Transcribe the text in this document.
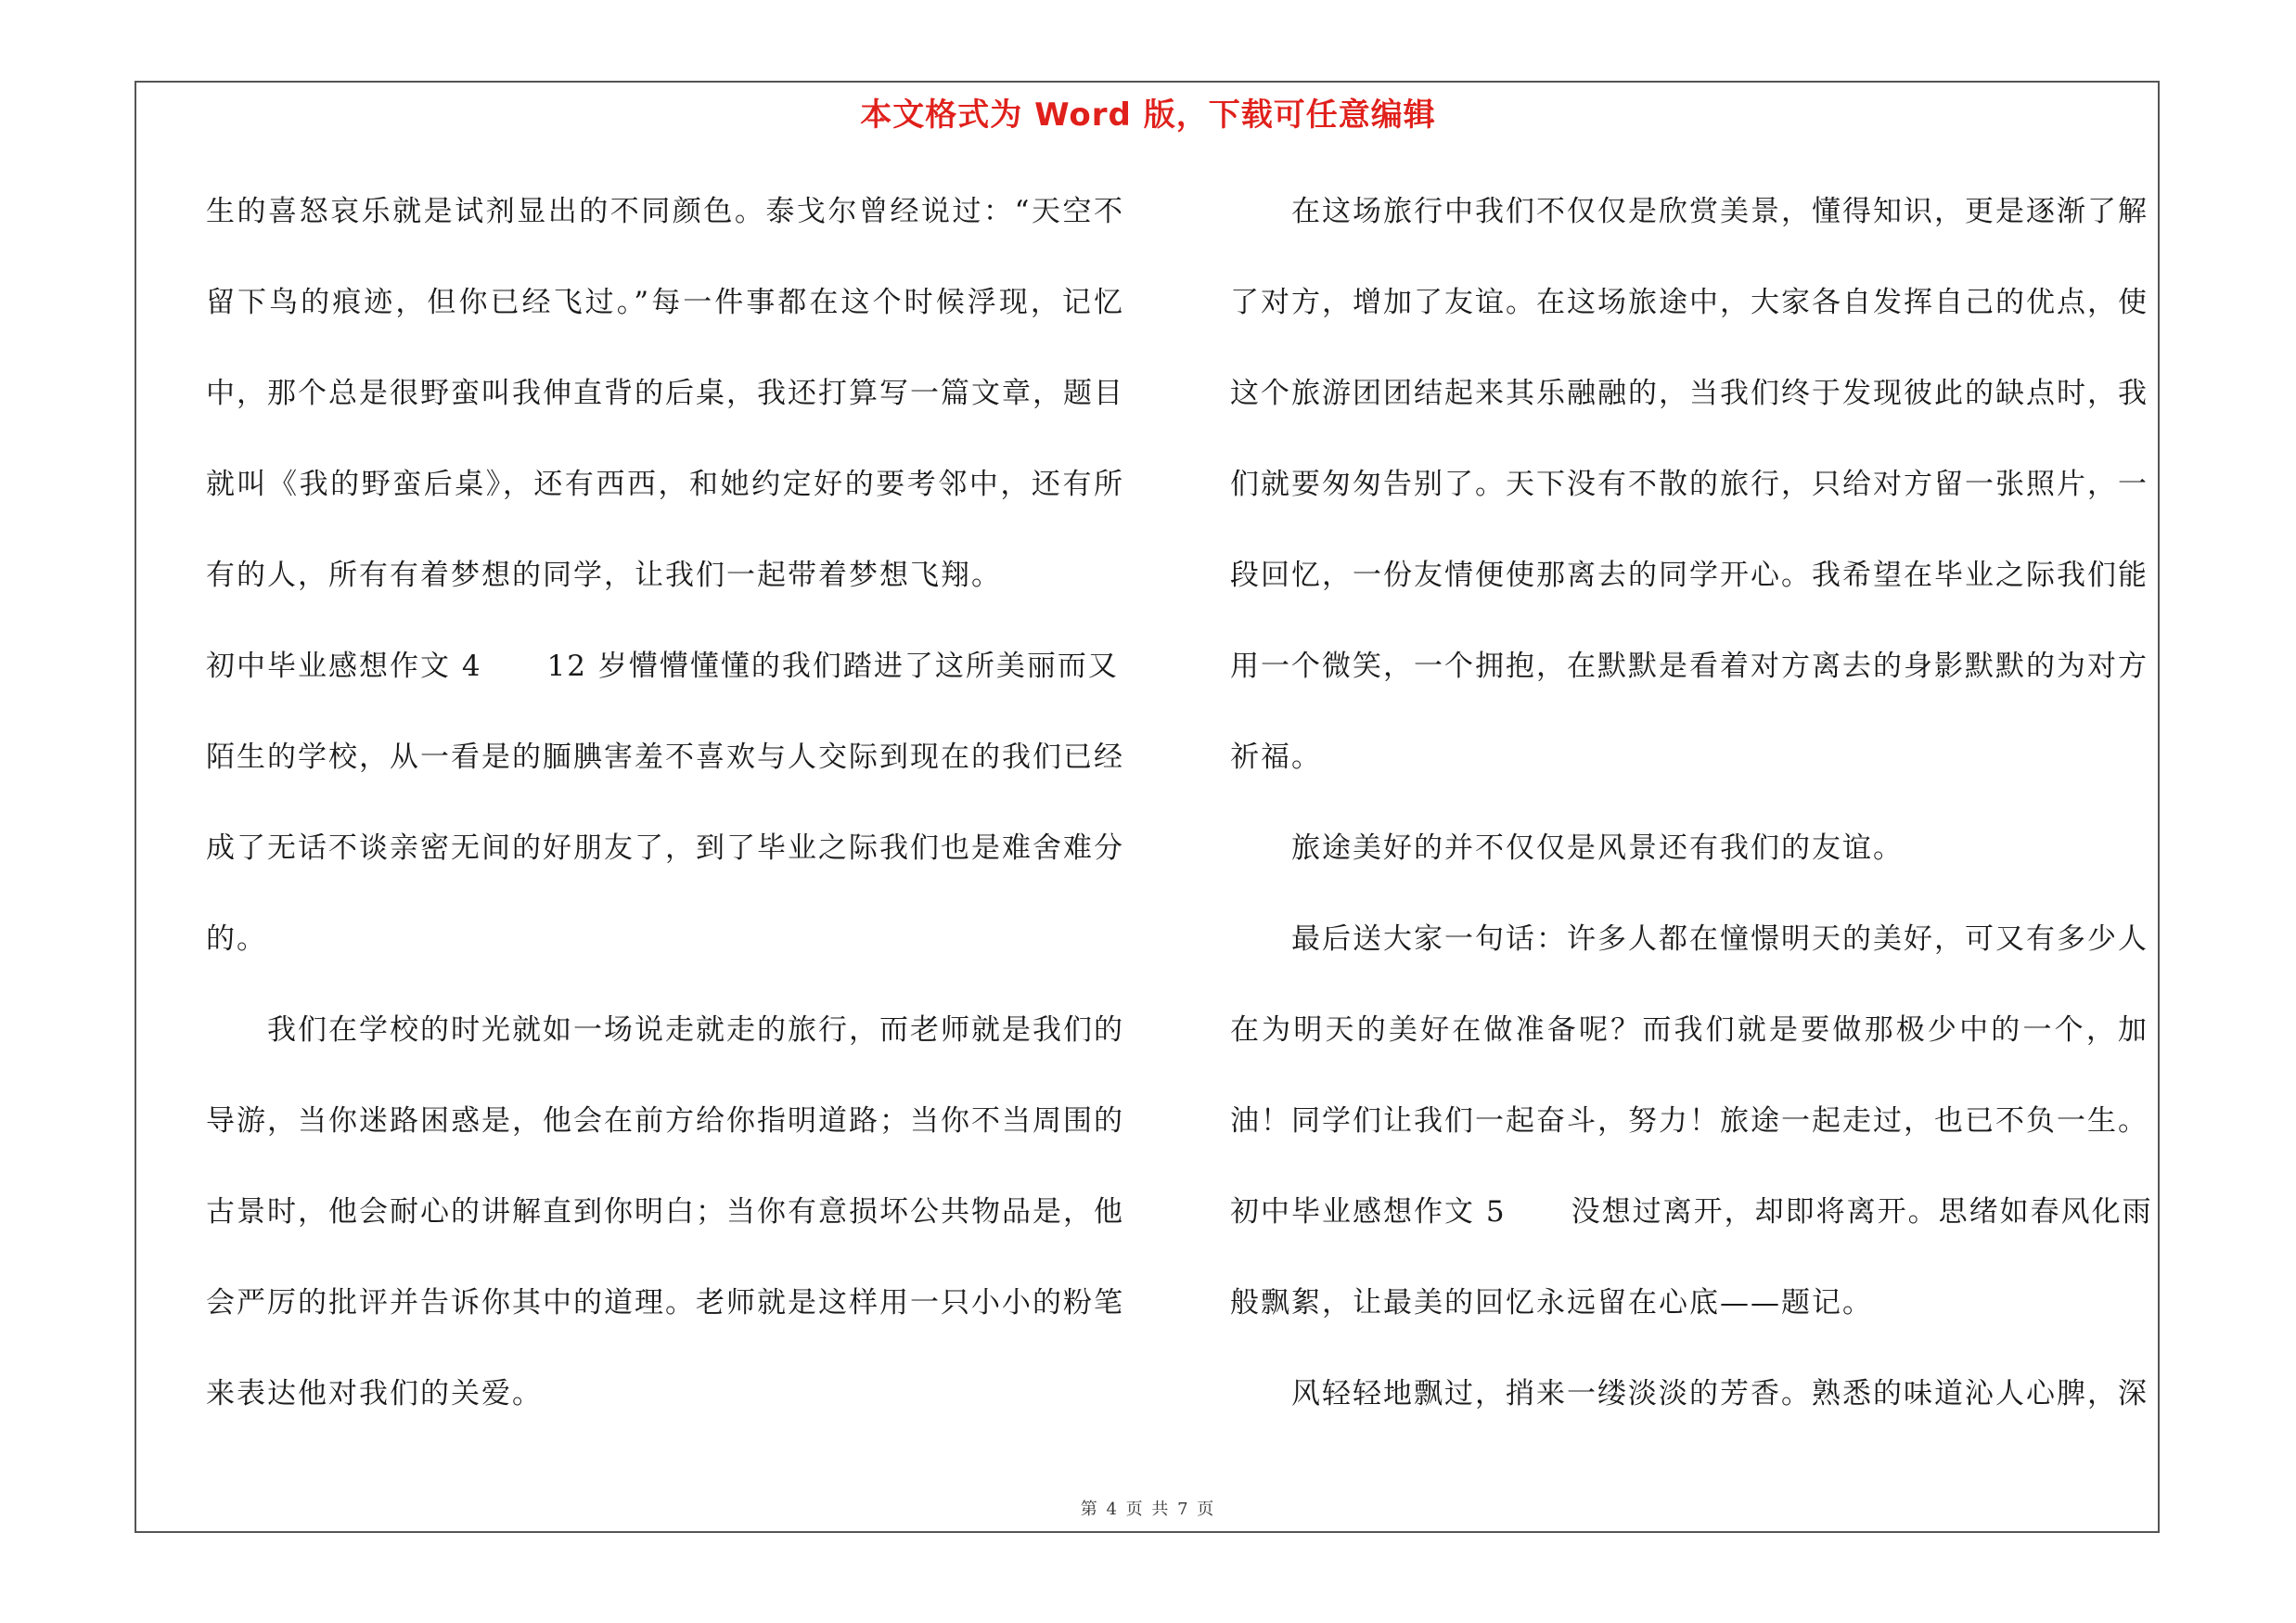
本文格式为 Word 版，下载可任意编辑
生的喜怒哀乐就是试剂显出的不同颜色。泰戈尔曾经说过：“天空不
留下鸟的痕迹，但你已经飞过。”每一件事都在这个时候浮现，记忆
中，那个总是很野蛮叫我伸直背的后桌，我还打算写一篇文章，题目
就叫《我的野蛮后桌》，还有西西，和她约定好的要考邻中，还有所
有的人，所有有着梦想的同学，让我们一起带着梦想飞翔。
初中毕业感想作文 4 12 岁懵懵懂懂的我们踏进了这所美丽而又
陌生的学校，从一看是的腼腆害羞不喜欢与人交际到现在的我们已经
成了无话不谈亲密无间的好朋友了，到了毕业之际我们也是难舍难分
的。
我们在学校的时光就如一场说走就走的旅行，而老师就是我们的
导游，当你迷路困惑是，他会在前方给你指明道路；当你不当周围的
古景时，他会耐心的讲解直到你明白；当你有意损坏公共物品是，他
会严厉的批评并告诉你其中的道理。老师就是这样用一只小小的粉笔
来表达他对我们的关爱。
在这场旅行中我们不仅仅是欣赏美景，懂得知识，更是逐渐了解
了对方，增加了友谊。在这场旅途中，大家各自发挥自己的优点，使
这个旅游团团结起来其乐融融的，当我们终于发现彼此的缺点时，我
们就要匆匆告别了。天下没有不散的旅行，只给对方留一张照片，一
段回忆，一份友情便使那离去的同学开心。我希望在毕业之际我们能
用一个微笑，一个拥抱，在默默是看着对方离去的身影默默的为对方
祈福。
旅途美好的并不仅仅是风景还有我们的友谊。
最后送大家一句话：许多人都在憧憬明天的美好，可又有多少人
在为明天的美好在做准备呢？而我们就是要做那极少中的一个，加
油！同学们让我们一起奋斗，努力！旅途一起走过，也已不负一生。
初中毕业感想作文 5 没想过离开，却即将离开。思绪如春风化雨
般飘絮，让最美的回忆永远留在心底——题记。
风轻轻地飘过，捎来一缕淡淡的芳香。熟悉的味道沁人心脾，深
第 4 页 共 7 页
